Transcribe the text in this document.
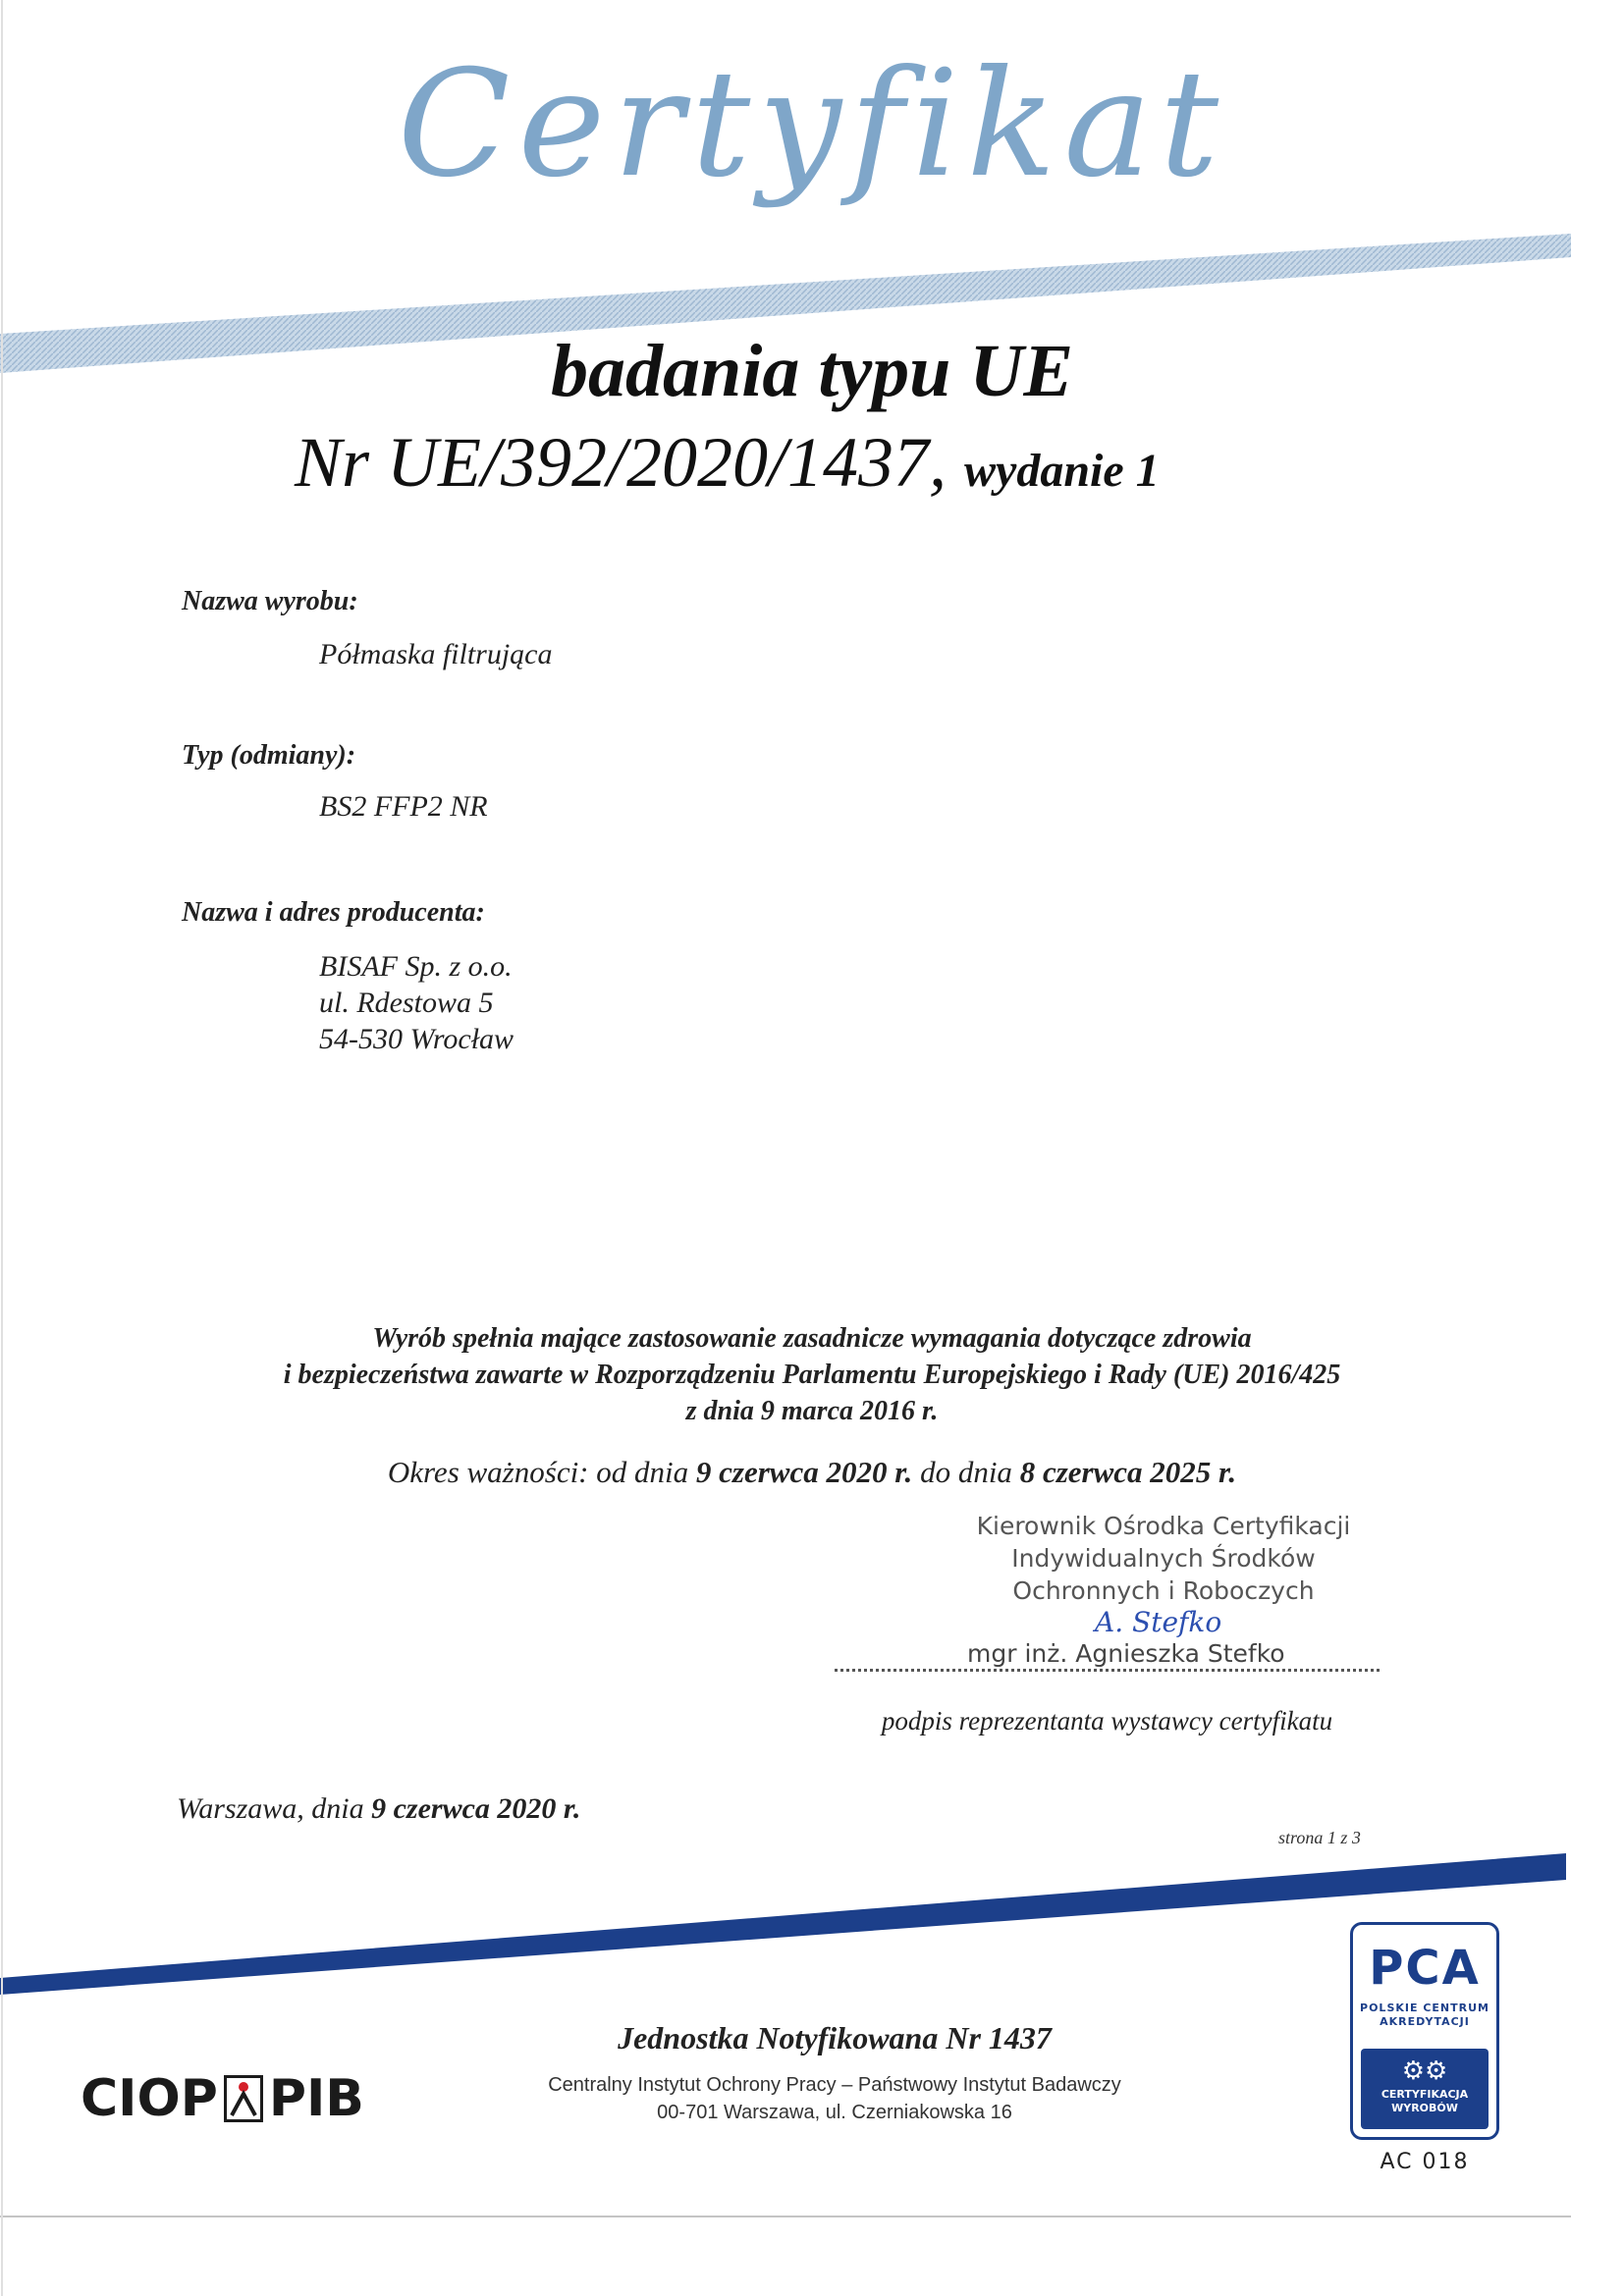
Certyfikat
badania typu UE
Nr UE/392/2020/1437, wydanie 1
Nazwa wyrobu:
Półmaska filtrująca
Typ (odmiany):
BS2 FFP2 NR
Nazwa i adres producenta:
BISAF Sp. z o.o.
ul. Rdestowa 5
54-530 Wrocław
Wyrób spełnia mające zastosowanie zasadnicze wymagania dotyczące zdrowia
i bezpieczeństwa zawarte w Rozporządzeniu Parlamentu Europejskiego i Rady (UE) 2016/425
z dnia 9 marca 2016 r.
Okres ważności: od dnia 9 czerwca 2020 r. do dnia 8 czerwca 2025 r.
Kierownik Ośrodka Certyfikacji
Indywidualnych Środków
Ochronnych i Roboczych
A. Stefko
mgr inż. Agnieszka Stefko
podpis reprezentanta wystawcy certyfikatu
Warszawa, dnia 9 czerwca 2020 r.
strona 1 z 3
CIOP PIB
Jednostka Notyfikowana Nr 1437
Centralny Instytut Ochrony Pracy – Państwowy Instytut Badawczy
00-701 Warszawa, ul. Czerniakowska 16
PCA
POLSKIE CENTRUM
AKREDYTACJI
⚙⚙
CERTYFIKACJA
WYROBÓW
AC 018
